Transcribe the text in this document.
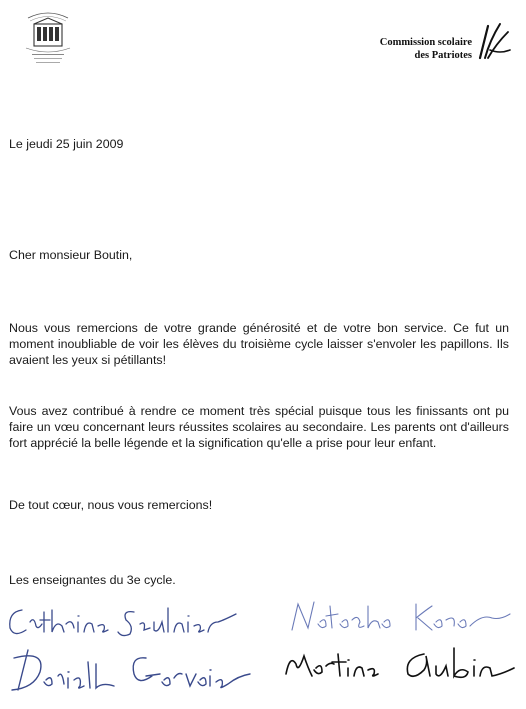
Commission scolaire
des Patriotes
Le jeudi 25 juin 2009
Cher monsieur Boutin,
Nous vous remercions de votre grande générosité et de votre bon service. Ce fut un moment inoubliable de voir les élèves du troisième cycle laisser s'envoler les papillons. Ils avaient les yeux si pétillants!
Vous avez contribué à rendre ce moment très spécial puisque tous les finissants ont pu faire un vœu concernant leurs réussites scolaires au secondaire. Les parents ont d'ailleurs fort apprécié la belle légende et la signification qu'elle a prise pour leur enfant.
De tout cœur, nous vous remercions!
Les enseignantes du 3e cycle.
